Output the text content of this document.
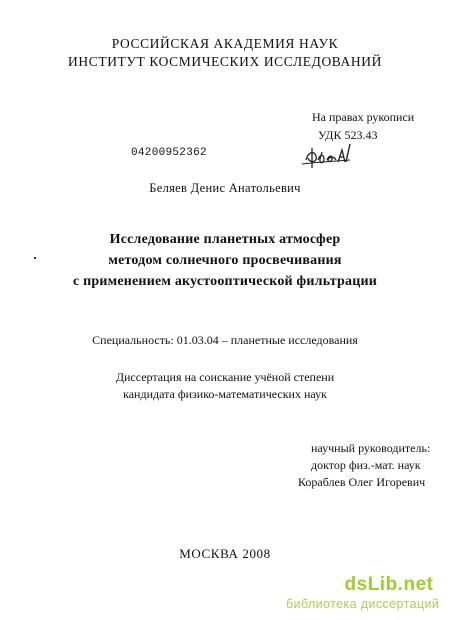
РОССИЙСКАЯ АКАДЕМИЯ НАУК
ИНСТИТУТ КОСМИЧЕСКИХ ИССЛЕДОВАНИЙ
На правах рукописи
УДК 523.43
04200952362
Беляев Денис Анатольевич
Исследование планетных атмосфер
методом солнечного просвечивания
с применением акустооптической фильтрации
Специальность: 01.03.04 – планетные исследования
Диссертация на соискание учёной степени
кандидата физико-математических наук
научный руководитель:
доктор физ.-мат. наук
Кораблев Олег Игоревич
МОСКВА 2008
dsLib.net
библиотека диссертаций
